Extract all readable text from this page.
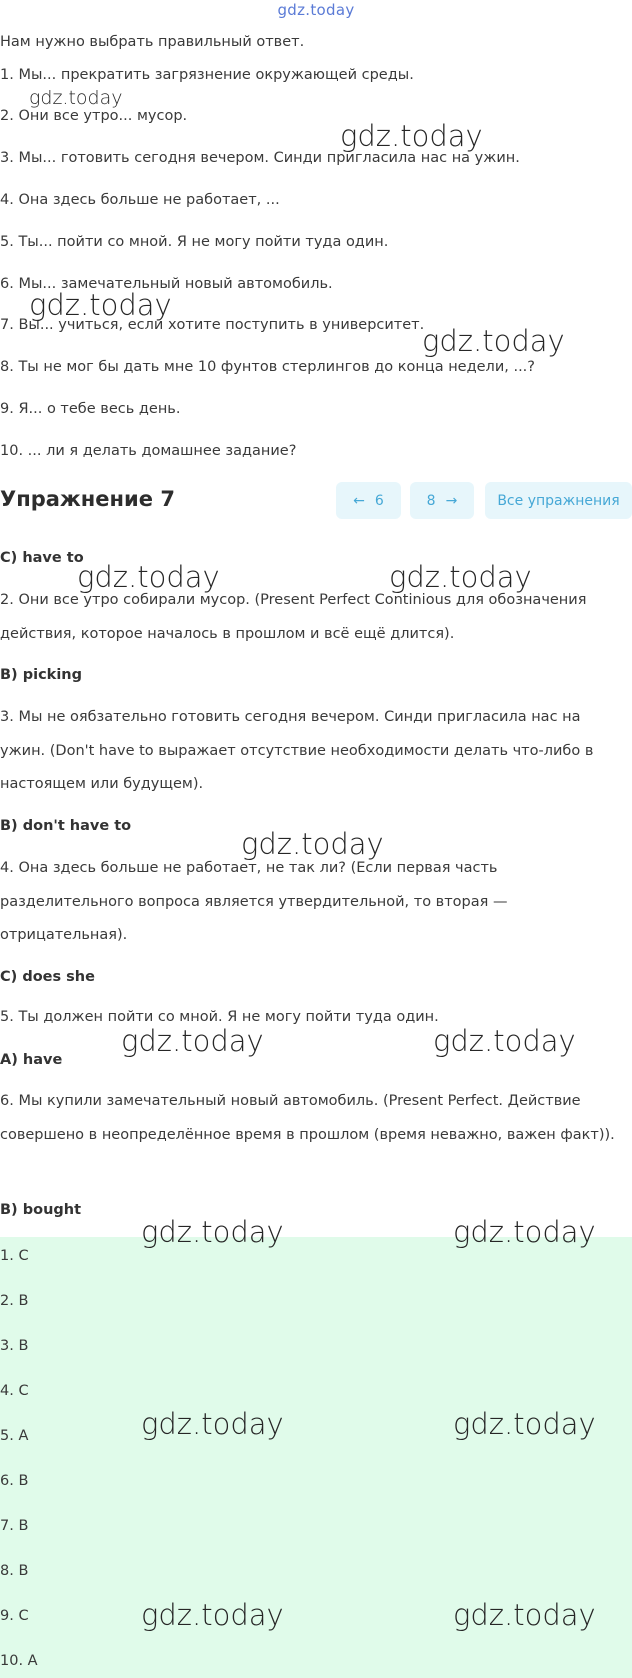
gdz.today
Нам нужно выбрать правильный ответ.
1. Мы... прекратить загрязнение окружающей среды.
2. Они все утро... мусор.
3. Мы... готовить сегодня вечером. Синди пригласила нас на ужин.
4. Она здесь больше не работает, ...
5. Ты... пойти со мной. Я не могу пойти туда один.
6. Мы... замечательный новый автомобиль.
7. Вы... учиться, если хотите поступить в университет.
8. Ты не мог бы дать мне 10 фунтов стерлингов до конца недели, ...?
9. Я... о тебе весь день.
10. ... ли я делать домашнее задание?
Упражнение 7	← 6	8 →	Все упражнения
C) have to
2. Они все утро собирали мусор. (Present Perfect Continious для обозначения действия, которое началось в прошлом и всё ещё длится).
B) picking
3. Мы не оябзательно готовить сегодня вечером. Синди пригласила нас на ужин. (Don't have to выражает отсутствие необходимости делать что-либо в настоящем или будущем).
B) don't have to
4. Она здесь больше не работает, не так ли? (Если первая часть разделительного вопроса является утвердительной, то вторая — отрицательная).
C) does she
5. Ты должен пойти со мной. Я не могу пойти туда один.
A) have
6. Мы купили замечательный новый автомобиль. (Present Perfect. Действие совершено в неопределённое время в прошлом (время неважно, важен факт)).
B) bought
1. C
2. B
3. B
4. C
5. A
6. B
7. B
8. B
9. C
10. A
gdz.today
gdz.today
gdz.today
gdz.today
gdz.today	gdz.today
gdz.today
gdz.today	gdz.today
gdz.today	gdz.today
gdz.today	gdz.today
gdz.today	gdz.today
